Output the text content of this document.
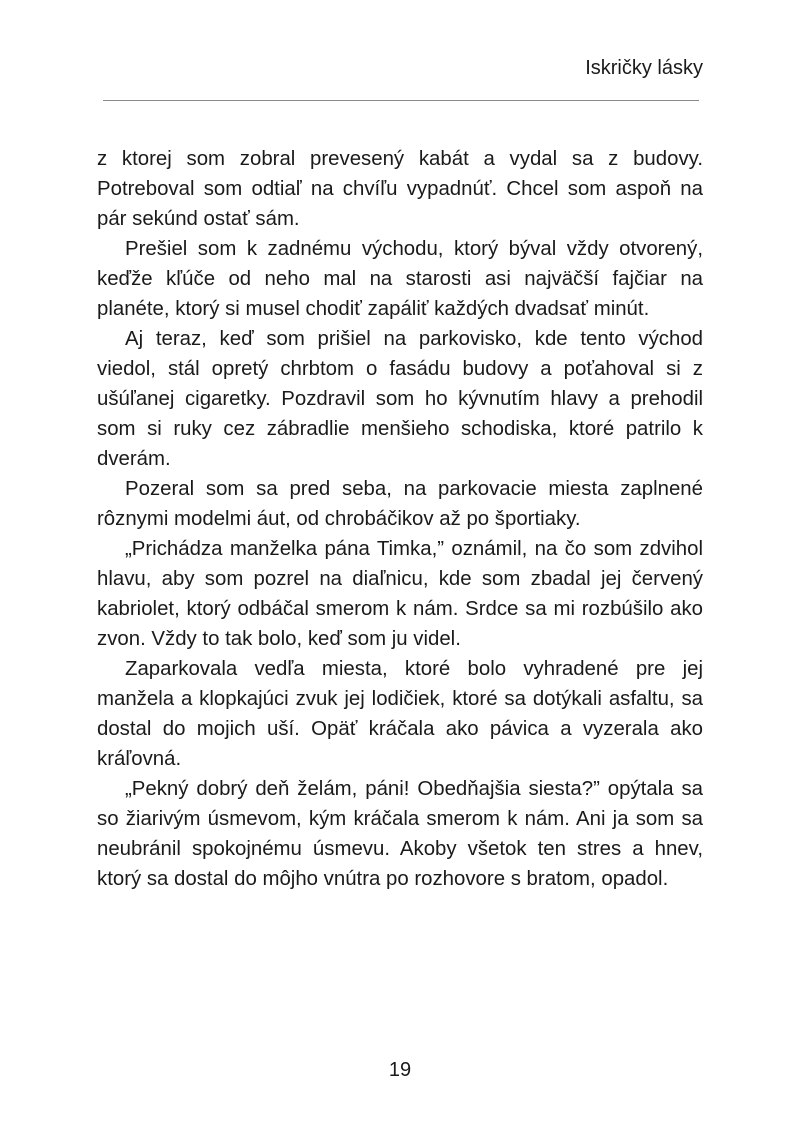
Iskričky lásky

z ktorej som zobral prevesený kabát a vydal sa z budovy. Potreboval som odtiaľ na chvíľu vypadnúť. Chcel som aspoň na pár sekúnd ostať sám.

Prešiel som k zadnému východu, ktorý býval vždy otvorený, keďže kľúče od neho mal na starosti asi najväčší fajčiar na planéte, ktorý si musel chodiť zapáliť každých dvadsať minút.

Aj teraz, keď som prišiel na parkovisko, kde tento východ viedol, stál opretý chrbtom o fasádu budovy a poťahoval si z ušúľanej cigaretky. Pozdravil som ho kývnutím hlavy a prehodil som si ruky cez zábradlie menšieho schodiska, ktoré patrilo k dverám.

Pozeral som sa pred seba, na parkovacie miesta zaplnené rôznymi modelmi áut, od chrobáčikov až po športiaky.

„Prichádza manželka pána Timka,” oznámil, na čo som zdvihol hlavu, aby som pozrel na diaľnicu, kde som zbadal jej červený kabriolet, ktorý odbáčal smerom k nám. Srdce sa mi rozbúšilo ako zvon. Vždy to tak bolo, keď som ju videl.

Zaparkovala vedľa miesta, ktoré bolo vyhradené pre jej manžela a klopkajúci zvuk jej lodičiek, ktoré sa dotýkali asfaltu, sa dostal do mojich uší. Opäť kráčala ako pávica a vyzerala ako kráľovná.

„Pekný dobrý deň želám, páni! Obedňajšia siesta?” opýtala sa so žiarivým úsmevom, kým kráčala smerom k nám. Ani ja som sa neubránil spokojnému úsmevu. Akoby všetok ten stres a hnev, ktorý sa dostal do môjho vnútra po rozhovore s bratom, opadol.

19
